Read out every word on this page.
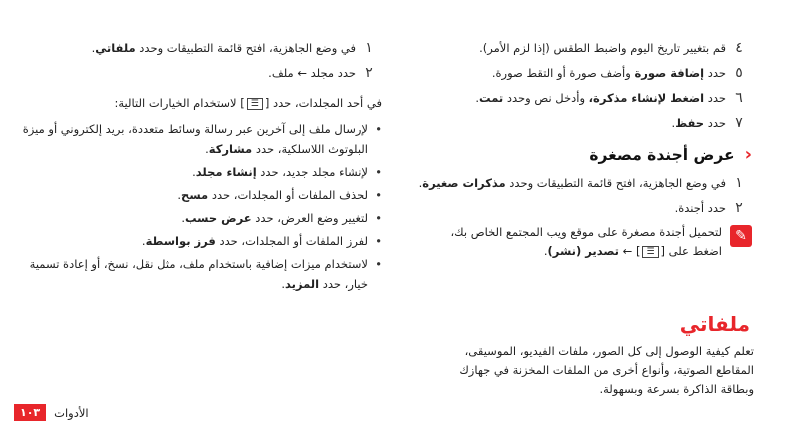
٤
قم بتغيير تاريخ اليوم واضبط الطقس (إذا لزم الأمر).
٥
حدد إضافة صورة وأضف صورة أو التقط صورة.
٦
حدد اضغط لإنشاء مذكرة، وأدخل نص وحدد تمت.
٧
حدد حفظ.
‹
عرض أجندة مصغرة
١
في وضع الجاهزية، افتح قائمة التطبيقات وحدد مذكرات صغيرة.
٢
حدد أجندة.
✎
لتحميل أجندة مصغرة على موقع ويب المجتمع الخاص بك،
اضغط على [☰] ← تصدير (نشر).
ملفاتي
تعلم كيفية الوصول إلى كل الصور، ملفات الفيديو، الموسيقى، المقاطع الصوتية، وأنواع أخرى من الملفات المخزنة في جهازك وبطاقة الذاكرة بسرعة وبسهولة.
١
في وضع الجاهزية، افتح قائمة التطبيقات وحدد ملفاتي.
٢
حدد مجلد ← ملف.
في أحد المجلدات، حدد [☰] لاستخدام الخيارات التالية:
• لإرسال ملف إلى آخرين عبر رسالة وسائط متعددة، بريد إلكتروني أو ميزة البلوتوث اللاسلكية، حدد مشاركة.
• لإنشاء مجلد جديد، حدد إنشاء مجلد.
• لحذف الملفات أو المجلدات، حدد مسح.
• لتغيير وضع العرض، حدد عرض حسب.
• لفرز الملفات أو المجلدات، حدد فرز بواسطة.
• لاستخدام ميزات إضافية باستخدام ملف، مثل نقل، نسخ، أو إعادة تسمية خيار، حدد المزيد.
١٠٣	الأدوات
